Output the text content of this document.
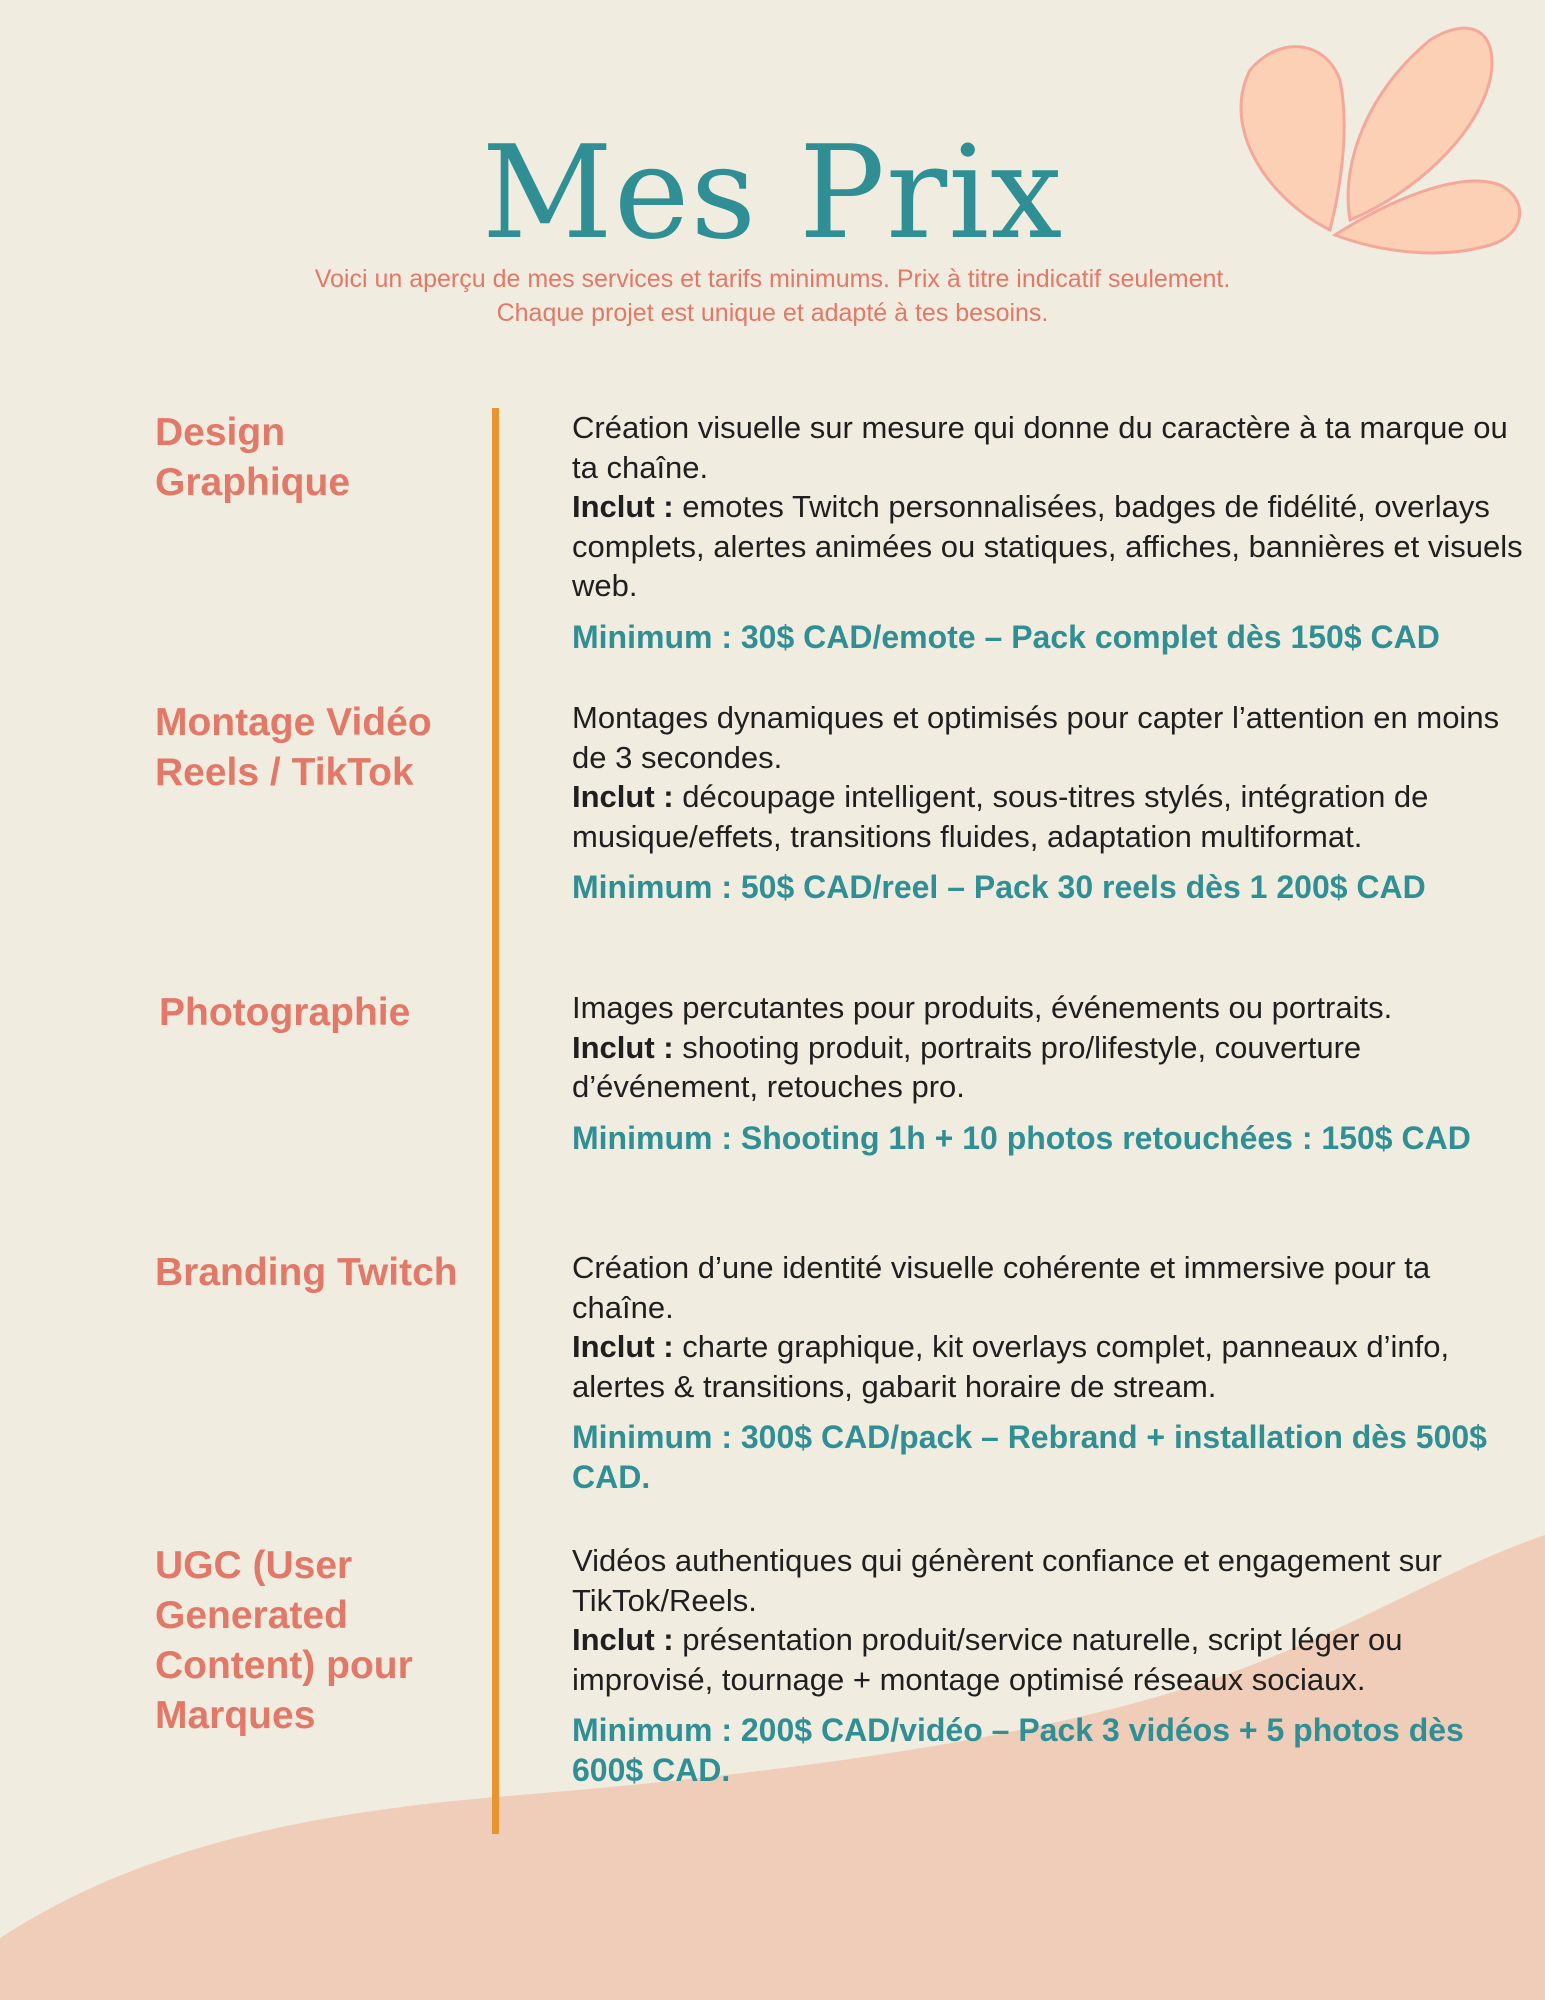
Mes Prix
Voici un aperçu de mes services et tarifs minimums. Prix à titre indicatif seulement.
Chaque projet est unique et adapté à tes besoins.
Design Graphique

Création visuelle sur mesure qui donne du caractère à ta marque ou ta chaîne.
Inclut : emotes Twitch personnalisées, badges de fidélité, overlays complets, alertes animées ou statiques, affiches, bannières et visuels web.

Minimum : 30$ CAD/emote – Pack complet dès 150$ CAD

Montage Vidéo Reels / TikTok

Montages dynamiques et optimisés pour capter l’attention en moins de 3 secondes.
Inclut : découpage intelligent, sous-titres stylés, intégration de musique/effets, transitions fluides, adaptation multiformat.

Minimum : 50$ CAD/reel – Pack 30 reels dès 1 200$ CAD

Photographie	Images percutantes pour produits, événements ou portraits.
Inclut : shooting produit, portraits pro/lifestyle, couverture d’événement, retouches pro.

Minimum : Shooting 1h + 10 photos retouchées : 150$ CAD

Branding Twitch	Création d’une identité visuelle cohérente et immersive pour ta chaîne.
Inclut : charte graphique, kit overlays complet, panneaux d’info, alertes & transitions, gabarit horaire de stream.

Minimum : 300$ CAD/pack – Rebrand + installation dès 500$ CAD.

UGC (User Generated Content) pour Marques

Vidéos authentiques qui génèrent confiance et engagement sur TikTok/Reels.
Inclut : présentation produit/service naturelle, script léger ou improvisé, tournage + montage optimisé réseaux sociaux.

Minimum : 200$ CAD/vidéo – Pack 3 vidéos + 5 photos dès 600$ CAD.
